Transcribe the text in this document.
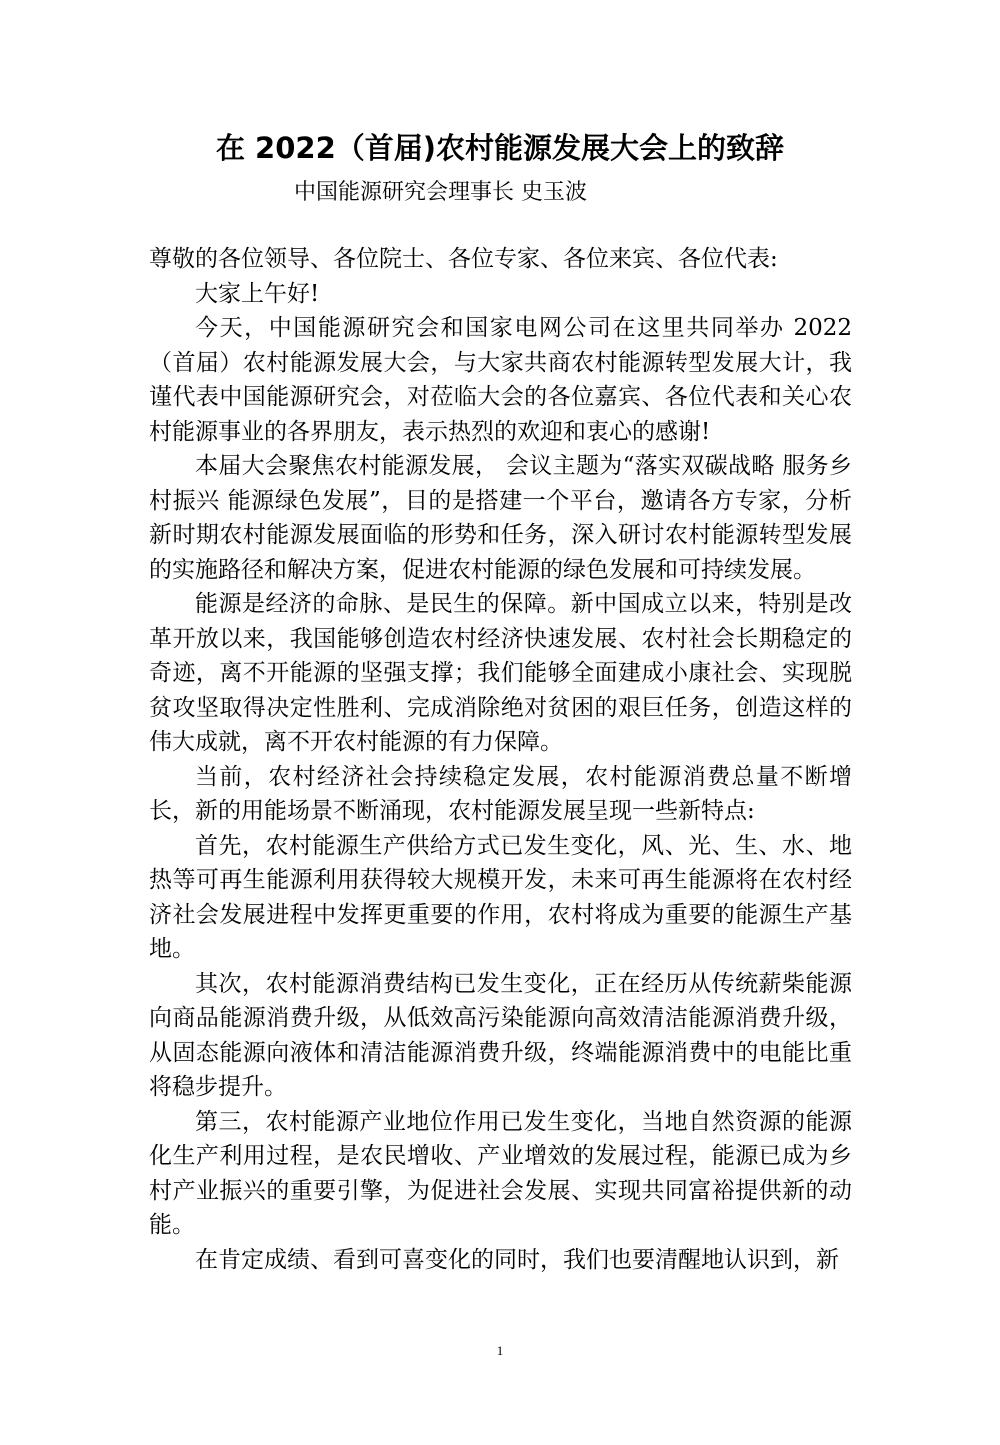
在 2022（首届)农村能源发展大会上的致辞
中国能源研究会理事长 史玉波

尊敬的各位领导、各位院士、各位专家、各位来宾、各位代表:

大家上午好!

今天，中国能源研究会和国家电网公司在这里共同举办 2022（首届）农村能源发展大会，与大家共商农村能源转型发展大计，我谨代表中国能源研究会，对莅临大会的各位嘉宾、各位代表和关心农村能源事业的各界朋友，表示热烈的欢迎和衷心的感谢!

本届大会聚焦农村能源发展， 会议主题为“落实双碳战略 服务乡村振兴 能源绿色发展”，目的是搭建一个平台，邀请各方专家，分析新时期农村能源发展面临的形势和任务，深入研讨农村能源转型发展的实施路径和解决方案，促进农村能源的绿色发展和可持续发展。

能源是经济的命脉、是民生的保障。新中国成立以来，特别是改革开放以来，我国能够创造农村经济快速发展、农村社会长期稳定的奇迹，离不开能源的坚强支撑；我们能够全面建成小康社会、实现脱贫攻坚取得决定性胜利、完成消除绝对贫困的艰巨任务，创造这样的伟大成就，离不开农村能源的有力保障。

当前，农村经济社会持续稳定发展，农村能源消费总量不断增长，新的用能场景不断涌现，农村能源发展呈现一些新特点:

首先，农村能源生产供给方式已发生变化，风、光、生、水、地热等可再生能源利用获得较大规模开发，未来可再生能源将在农村经济社会发展进程中发挥更重要的作用，农村将成为重要的能源生产基地。

其次，农村能源消费结构已发生变化，正在经历从传统薪柴能源向商品能源消费升级，从低效高污染能源向高效清洁能源消费升级，从固态能源向液体和清洁能源消费升级，终端能源消费中的电能比重将稳步提升。

第三，农村能源产业地位作用已发生变化，当地自然资源的能源化生产利用过程，是农民增收、产业增效的发展过程，能源已成为乡村产业振兴的重要引擎，为促进社会发展、实现共同富裕提供新的动能。

在肯定成绩、看到可喜变化的同时，我们也要清醒地认识到，新

1
